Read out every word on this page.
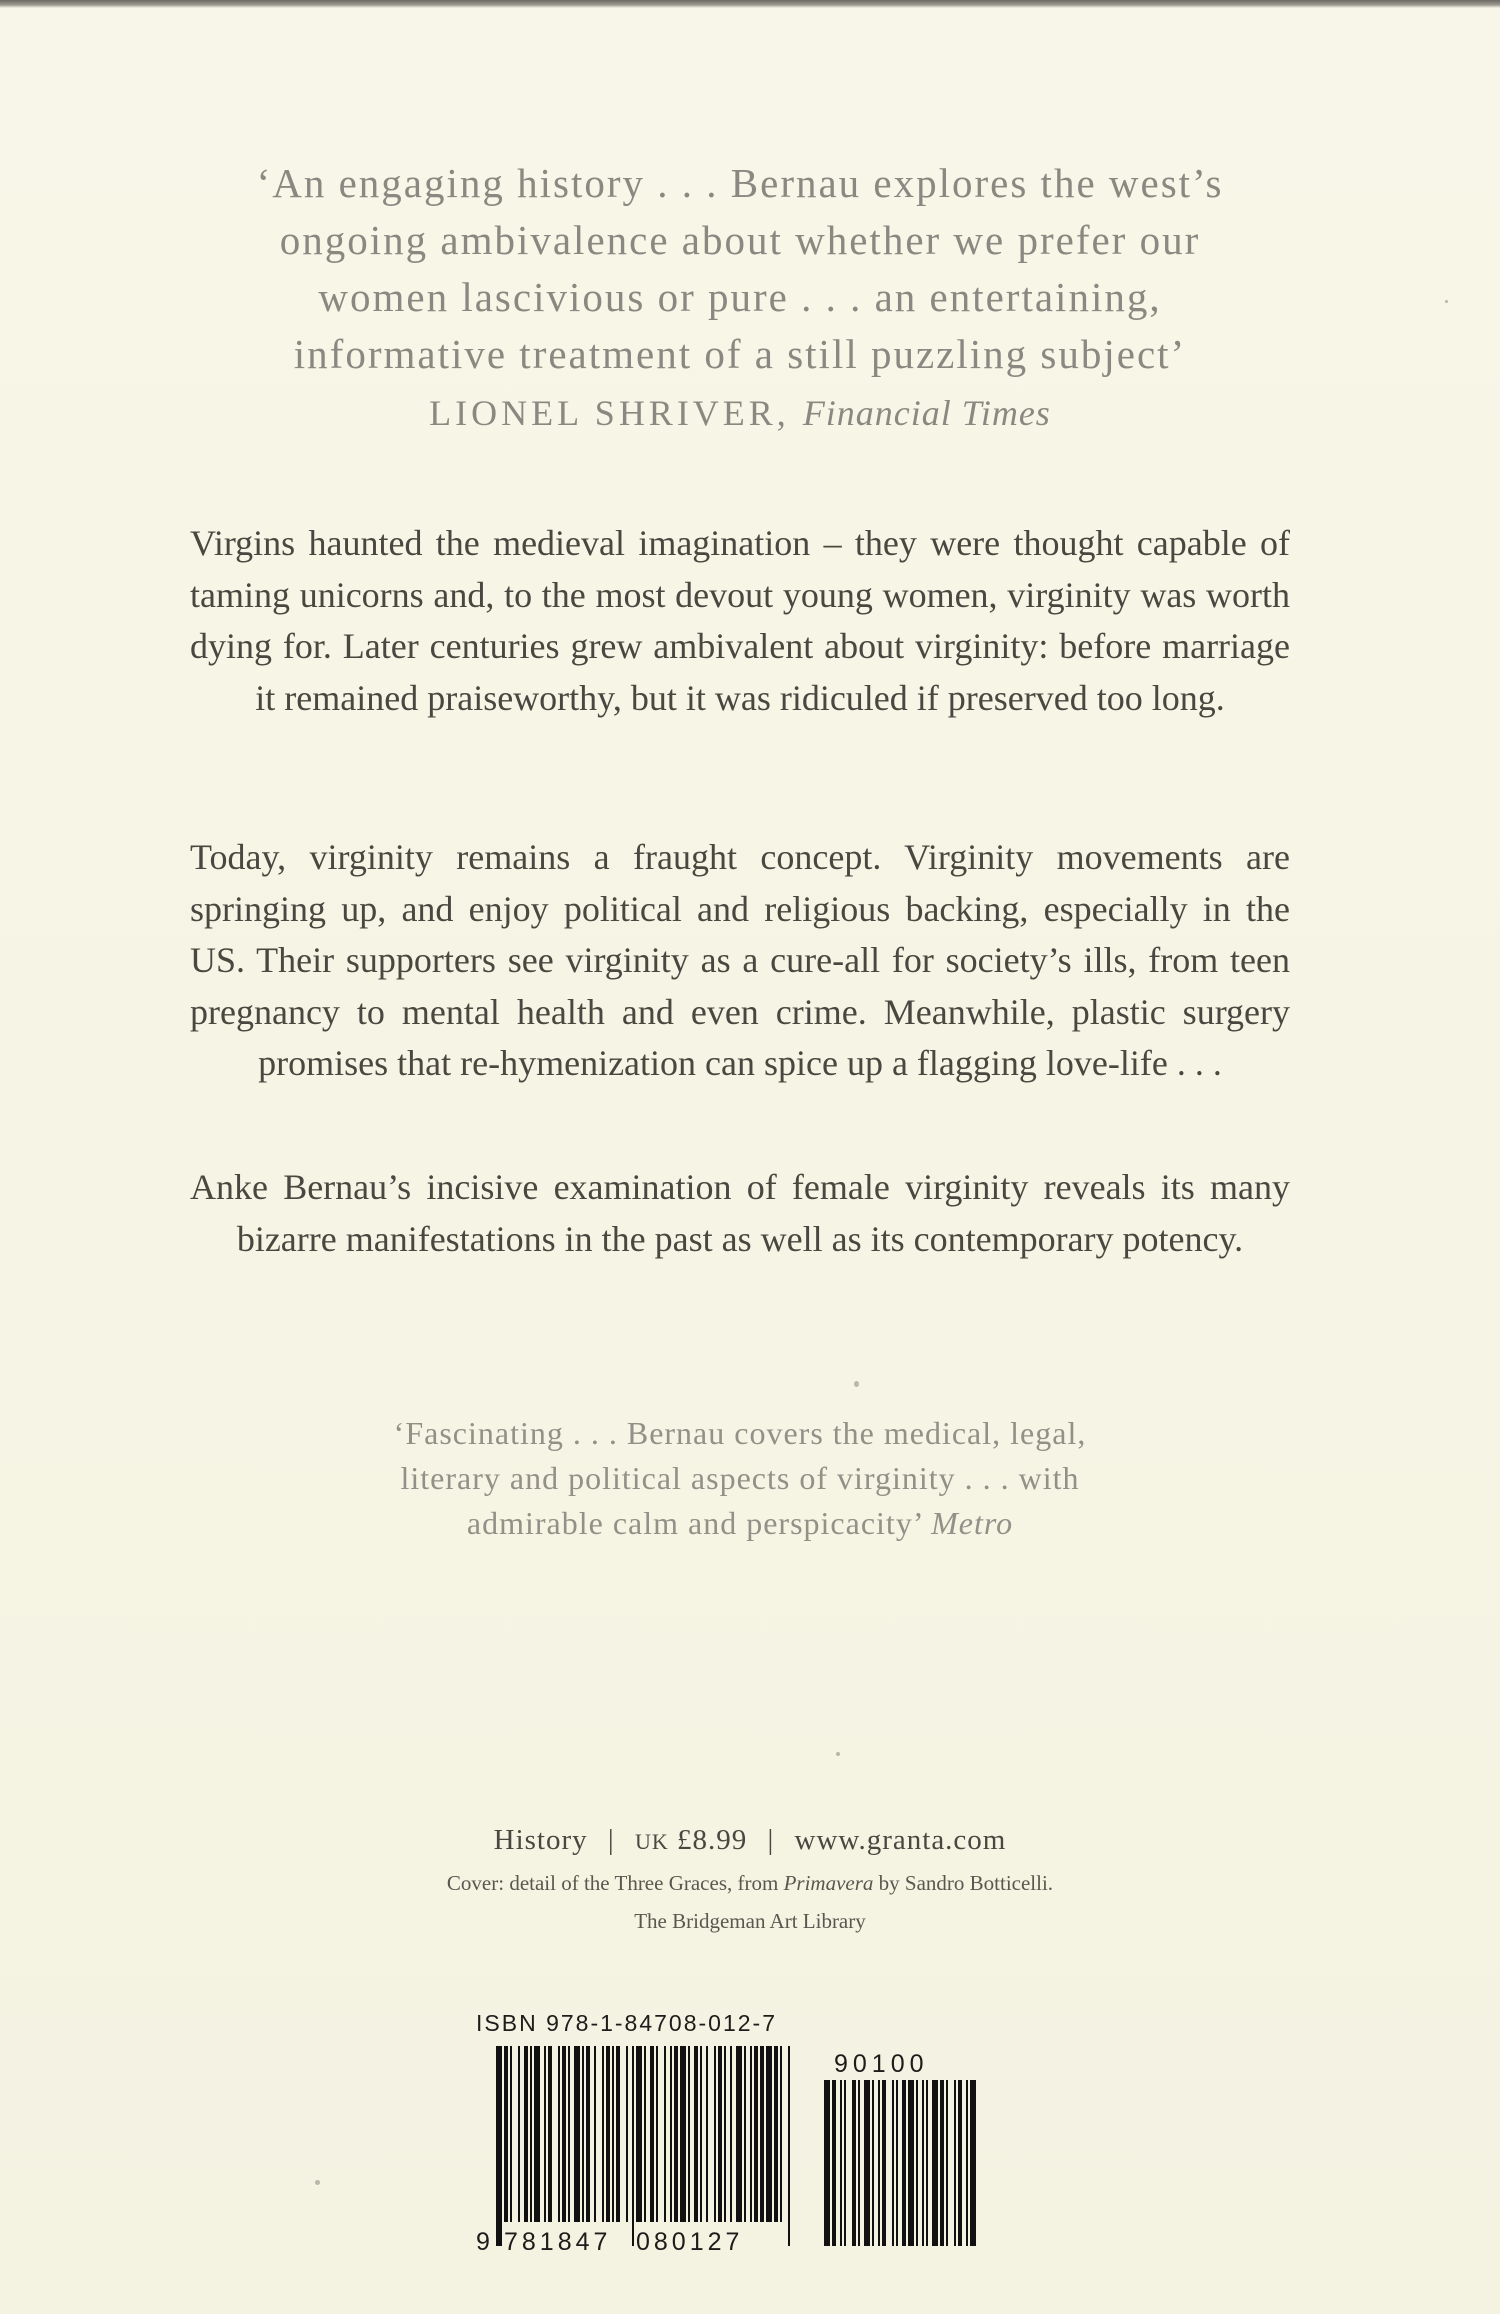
‘An engaging history . . . Bernau explores the west’s
ongoing ambivalence about whether we prefer our
women lascivious or pure . . . an entertaining,
informative treatment of a still puzzling subject’
LIONEL SHRIVER, Financial Times
Virgins haunted the medieval imagination – they were thought capable of taming unicorns and, to the most devout young women, virginity was worth dying for. Later centuries grew ambivalent about virginity: before marriage it remained praiseworthy, but it was ridiculed if preserved too long.
Today, virginity remains a fraught concept. Virginity movements are springing up, and enjoy political and religious backing, especially in the US. Their supporters see virginity as a cure-all for society’s ills, from teen pregnancy to mental health and even crime. Meanwhile, plastic surgery promises that re-hymenization can spice up a flagging love-life . . .
Anke Bernau’s incisive examination of female virginity reveals its many bizarre manifestations in the past as well as its contemporary potency.
‘Fascinating . . . Bernau covers the medical, legal, literary and political aspects of virginity . . . with admirable calm and perspicacity’ Metro
History | UK £8.99 | www.granta.com
Cover: detail of the Three Graces, from Primavera by Sandro Botticelli.
The Bridgeman Art Library
ISBN 978-1-84708-012-7
9 781847 080127
90100
